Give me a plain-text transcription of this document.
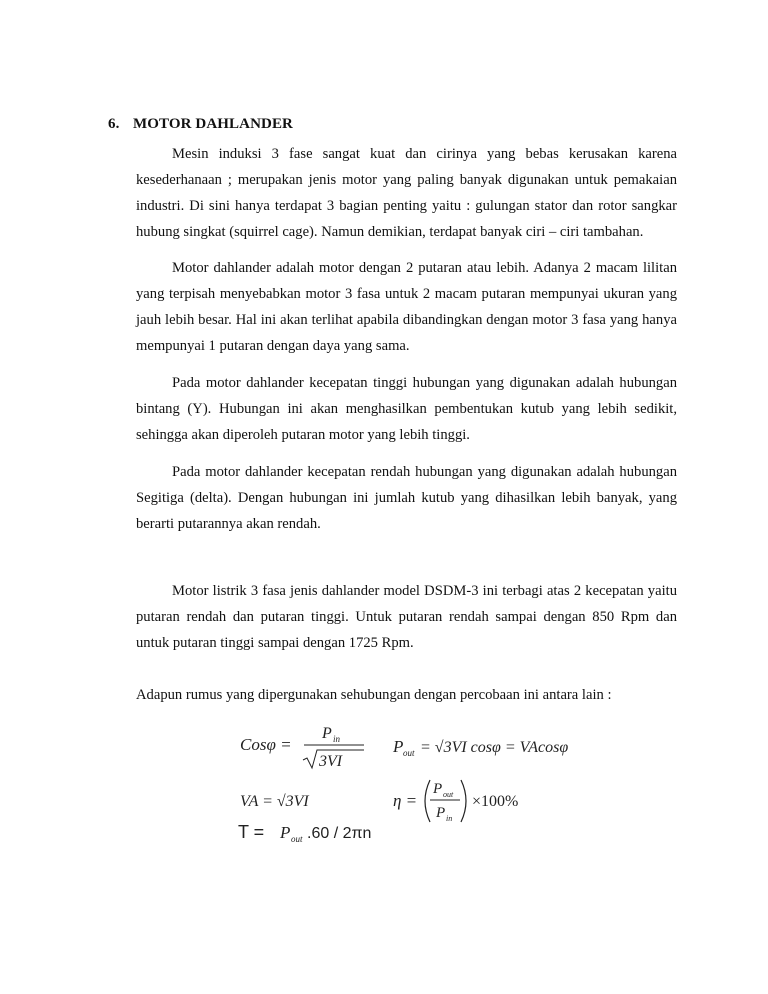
6. MOTOR DAHLANDER

Mesin induksi 3 fase sangat kuat dan cirinya yang bebas kerusakan karena kesederhanaan ; merupakan jenis motor yang paling banyak digunakan untuk pemakaian industri. Di sini hanya terdapat 3 bagian penting yaitu : gulungan stator dan rotor sangkar hubung singkat (squirrel cage). Namun demikian, terdapat banyak ciri – ciri tambahan.

Motor dahlander adalah motor dengan 2 putaran atau lebih. Adanya 2 macam lilitan yang terpisah menyebabkan motor 3 fasa untuk 2 macam putaran mempunyai ukuran yang jauh lebih besar. Hal ini akan terlihat apabila dibandingkan dengan motor 3 fasa yang hanya mempunyai 1 putaran dengan daya yang sama.

Pada motor dahlander kecepatan tinggi hubungan yang digunakan adalah hubungan bintang (Y). Hubungan ini akan menghasilkan pembentukan kutub yang lebih sedikit, sehingga akan diperoleh putaran motor yang lebih tinggi.

Pada motor dahlander kecepatan rendah hubungan yang digunakan adalah hubungan Segitiga (delta). Dengan hubungan ini jumlah kutub yang dihasilkan lebih banyak, yang berarti putarannya akan rendah.

Motor listrik 3 fasa jenis dahlander model DSDM-3 ini terbagi atas 2 kecepatan yaitu putaran rendah dan putaran tinggi. Untuk putaran rendah sampai dengan 850 Rpm dan untuk putaran tinggi sampai dengan 1725 Rpm.

Adapun rumus yang dipergunakan sehubungan dengan percobaan ini antara lain :

Cosφ =
P in
3VI
P out = √3VI cosφ = VAcosφ
VA = √3VI	η =
P out
P in
×100%
T = P out .60 / 2πn
